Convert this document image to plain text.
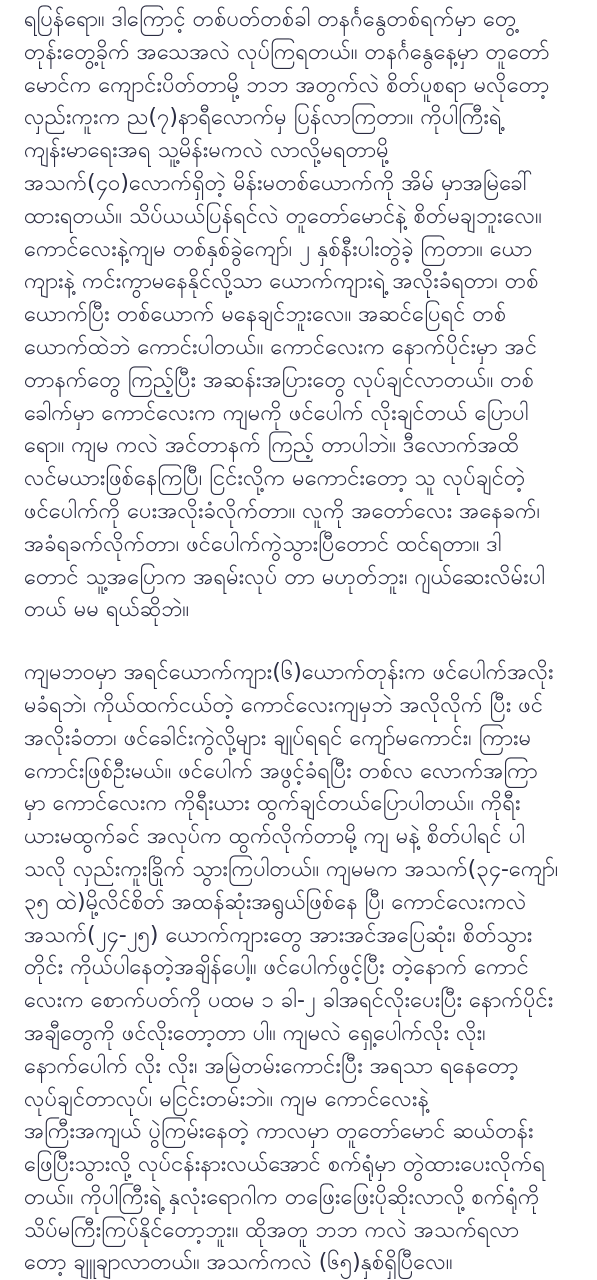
ရပြန်ရော။ ဒါကြောင့် တစ်ပတ်တစ်ခါ တနင်္ဂနွေတစ်ရက်မှာ တွေ့
တုန်းတွေ့ခိုက် အသေအလဲ လုပ်ကြရတယ်။ တနင်္ဂနွေနေ့မှာ တူတော်
မောင်က ကျောင်းပိတ်တာမို့ ဘဘ အတွက်လဲ စိတ်ပူစရာ မလိုတော့
လှည်းကူးက ည(၇)နာရီလောက်မှ ပြန်လာကြတာ။ ကိုပါကြီးရဲ့
ကျန်းမာရေးအရ သူ့မိန်းမကလဲ လာလို့မရတာမို့
အသက်(၄၀)လောက်ရှိတဲ့ မိန်းမတစ်ယောက်ကို အိမ် မှာအမြဲခေါ်
ထားရတယ်။ သိပ်ယယ်ပြန်ရင်လဲ တူတော်မောင်နဲ့ စိတ်မချဘူးလေ။
ကောင်လေးနဲ့ကျမ တစ်နှစ်ခွဲကျော်၊ ၂ နှစ်နီးပါးတွဲခဲ့ ကြတာ။ ယော
ကျားနဲ့ ကင်းကွာမနေနိုင်လို့သာ ယောက်ကျားရဲ့ အလိုးခံရတာ၊ တစ်
ယောက်ပြီး တစ်ယောက် မနေချင်ဘူးလေ။ အဆင်ပြေရင် တစ်
ယောက်ထဲဘဲ ကောင်းပါတယ်။ ကောင်လေးက နောက်ပိုင်းမှာ အင်
တာနက်တွေ ကြည့်ပြီး အဆန်းအပြားတွေ လုပ်ချင်လာတယ်။ တစ်
ခေါက်မှာ ကောင်လေးက ကျမကို ဖင်ပေါက် လိုးချင်တယ် ပြောပါ
ရော။ ကျမ ကလဲ အင်တာနက် ကြည့် တာပါဘဲ။ ဒီလောက်အထိ
လင်မယားဖြစ်နေကြပြီ၊ ငြင်းလို့က မကောင်းတော့ သူ လုပ်ချင်တဲ့
ဖင်ပေါက်ကို ပေးအလိုးခံလိုက်တာ။ လူကို အတော်လေး အနေခက်၊
အခံရခက်လိုက်တာ၊ ဖင်ပေါက်ကွဲသွားပြီတောင် ထင်ရတာ။ ဒါ
တောင် သူ့အပြောက အရမ်းလုပ် တာ မဟုတ်ဘူး၊ ဂျယ်ဆေးလိမ်းပါ
တယ် မမ ရယ်ဆိုဘဲ။
ကျမဘဝမှာ အရင်ယောက်ကျား(၆)ယောက်တုန်းက ဖင်ပေါက်အလိုး
မခံရဘဲ၊ ကိုယ်ထက်ငယ်တဲ့ ကောင်လေးကျမှဘဲ အလိုလိုက် ပြီး ဖင်
အလိုးခံတာ၊ ဖင်ခေါင်းကွဲလို့များ ချုပ်ရရင် ကျော်မကောင်း၊ ကြားမ
ကောင်းဖြစ်ဦးမယ်။ ဖင်ပေါက် အဖွင့်ခံရပြီး တစ်လ လောက်အကြာ
မှာ ကောင်လေးက ကိုရီးယား ထွက်ချင်တယ်ပြောပါတယ်။ ကိုရီး
ယားမထွက်ခင် အလုပ်က ထွက်လိုက်တာမို့ ကျ မနဲ့ စိတ်ပါရင် ပါ
သလို လှည်းကူးခြိုက် သွားကြပါတယ်။ ကျမမက အသက်(၃၄-ကျော်၊
၃၅ ထဲ)မို့လိင်စိတ် အထန်ဆုံးအရွယ်ဖြစ်နေ ပြီ၊ ကောင်လေးကလဲ
အသက်(၂၄-၂၅) ယောက်ကျားတွေ အားအင်အပြေဆုံး၊ စိတ်သွား
တိုင်း ကိုယ်ပါနေတဲ့အချိန်ပေါ့။ ဖင်ပေါက်ဖွင့်ပြီး တဲ့နောက် ကောင်
လေးက စောက်ပတ်ကို ပထမ ၁ ခါ-၂ ခါအရင်လိုးပေးပြီး နောက်ပိုင်း
အချီတွေကို ဖင်လိုးတော့တာ ပါ။ ကျမလဲ ရှေ့ပေါက်လိုး လိုး၊
နောက်ပေါက် လိုး လိုး၊ အမြဲတမ်းကောင်းပြီး အရသာ ရနေတော့
လုပ်ချင်တာလုပ်၊ မငြင်းတမ်းဘဲ။ ကျမ ကောင်လေးနဲ့
အကြီးအကျယ် ပွဲကြမ်းနေတဲ့ ကာလမှာ တူတော်မောင် ဆယ်တန်း
ဖြေပြီးသွားလို့ လုပ်ငန်းနားလယ်အောင် စက်ရုံမှာ တွဲထားပေးလိုက်ရ
တယ်။ ကိုပါကြီးရဲ့ နှလုံးရောဂါက တဖြေးဖြေးပိုဆိုးလာလို့ စက်ရုံကို
သိပ်မကြီးကြပ်နိုင်တော့ဘူး။ ထိုအတူ ဘဘ ကလဲ အသက်ရလာ
တော့ ချူချာလာတယ်။ အသက်ကလဲ (၆၅)နှစ်ရှိပြီလေ။
